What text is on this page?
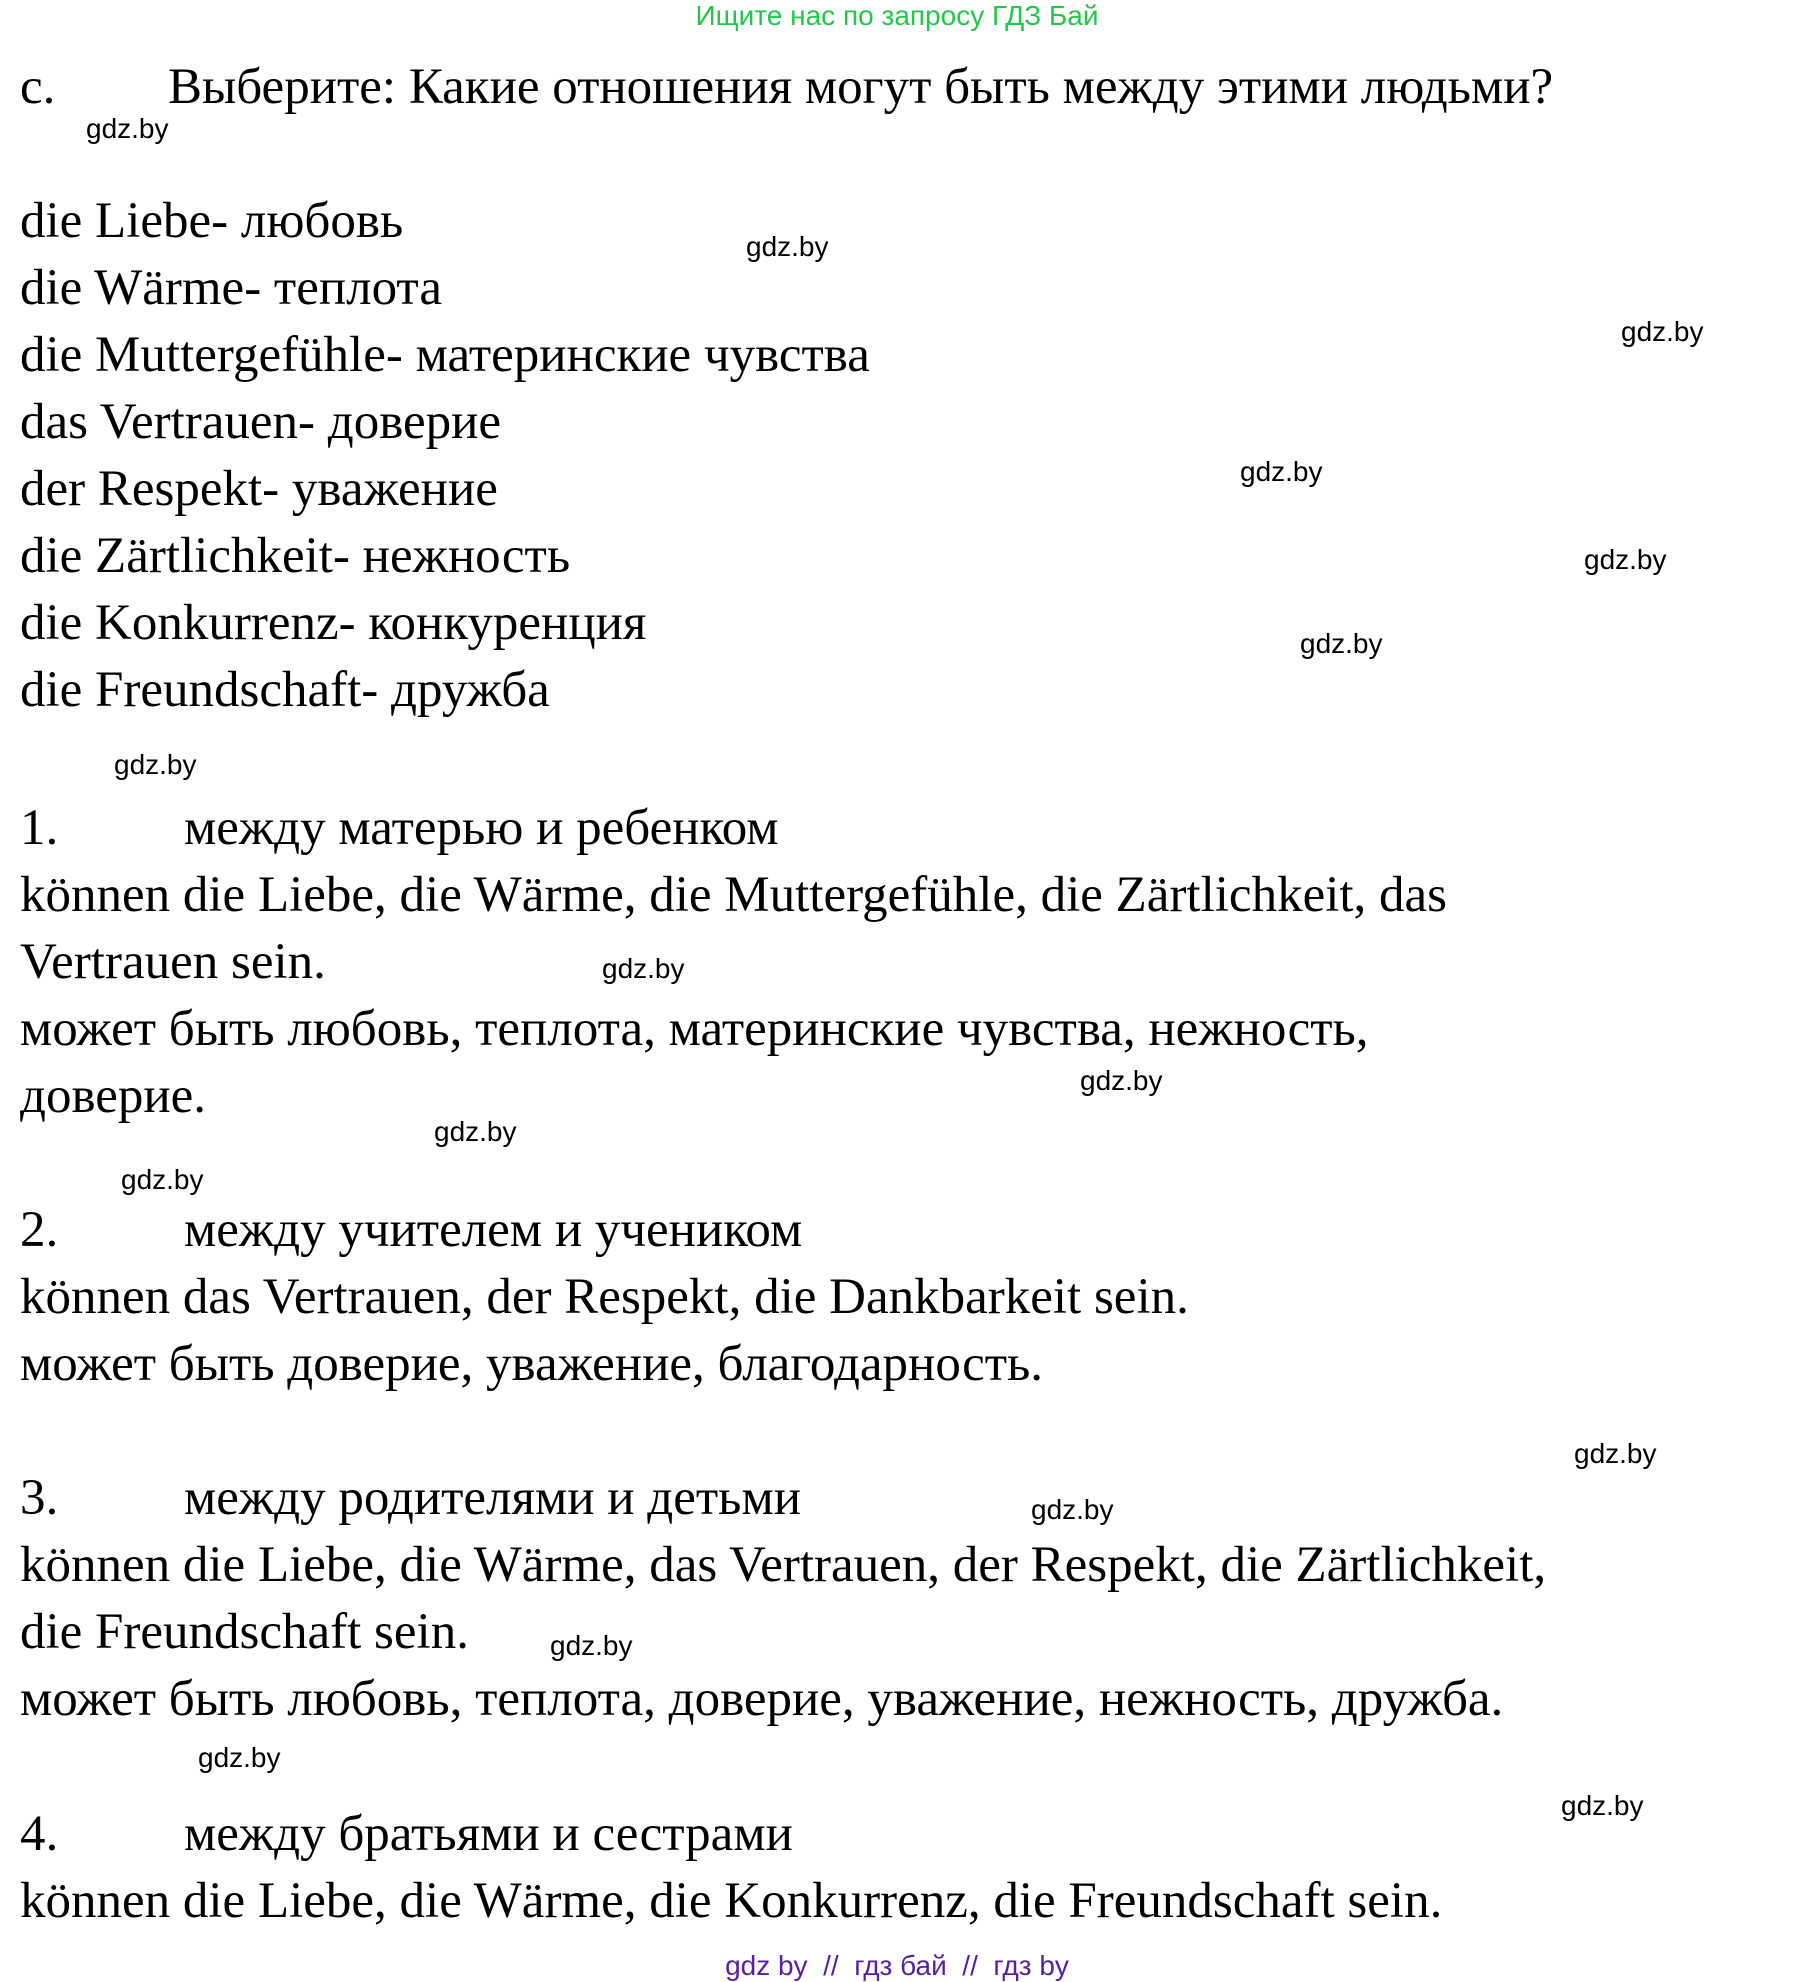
Ищите нас по запросу ГДЗ Бай
c. Выберите: Какие отношения могут быть между этими людьми?
die Liebe- любовь
die Wärme- теплота
die Muttergefühle- материнские чувства
das Vertrauen- доверие
der Respekt- уважение
die Zärtlichkeit- нежность
die Konkurrenz- конкуренция
die Freundschaft- дружба
1. между матерью и ребенком
können die Liebe, die Wärme, die Muttergefühle, die Zärtlichkeit, das
Vertrauen sein.
может быть любовь, теплота, материнские чувства, нежность,
доверие.
2. между учителем и учеником
können das Vertrauen, der Respekt, die Dankbarkeit sein.
может быть доверие, уважение, благодарность.
3. между родителями и детьми
können die Liebe, die Wärme, das Vertrauen, der Respekt, die Zärtlichkeit,
die Freundschaft sein.
может быть любовь, теплота, доверие, уважение, нежность, дружба.
4. между братьями и сестрами
können die Liebe, die Wärme, die Konkurrenz, die Freundschaft sein.
gdz.by
gdz.by
gdz.by
gdz.by
gdz.by
gdz.by
gdz.by
gdz.by
gdz.by
gdz.by
gdz.by
gdz.by
gdz.by
gdz.by
gdz.by
gdz.by
gdz by  //  гдз бай  //  гдз by
